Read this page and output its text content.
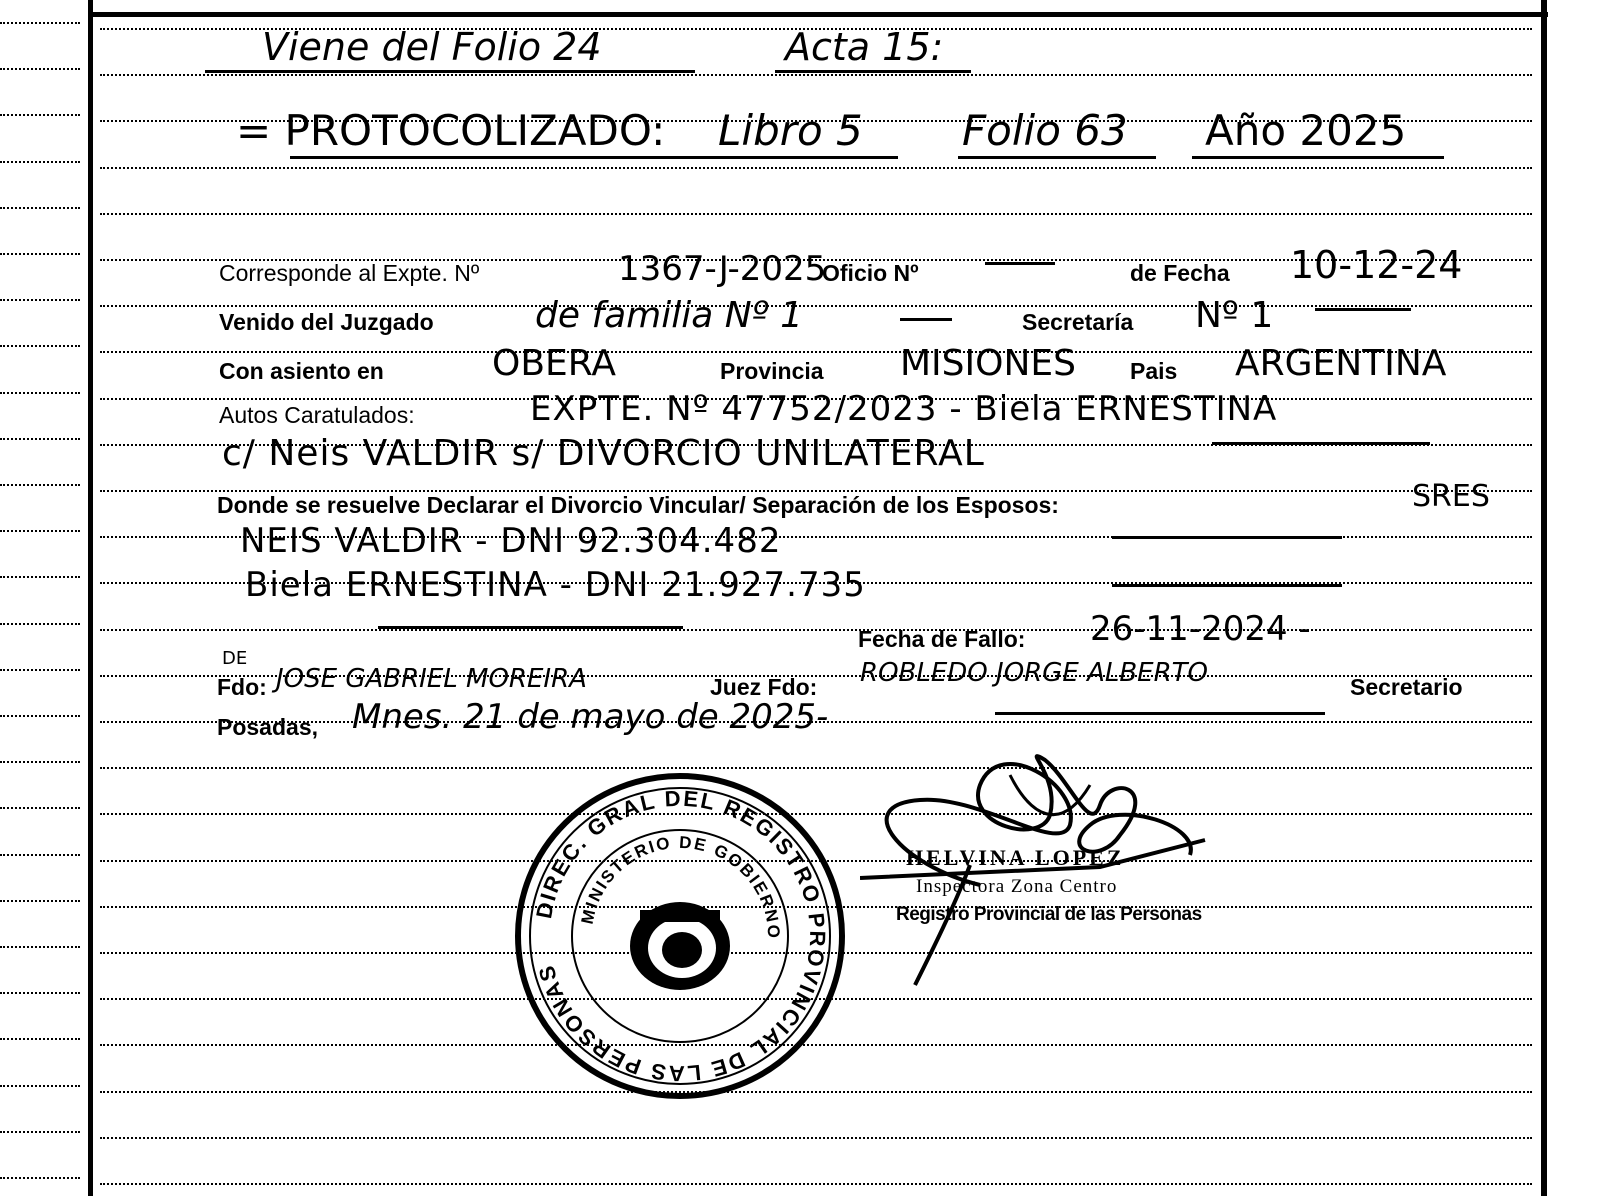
Viene del Folio 24	Acta 15:
= PROTOCOLIZADO: Libro 5 Folio 63 Año 2025
Corresponde al Expte. Nº	1367-J-2025
Oficio Nº	de Fecha 10-12-24
Venido del Juzgado	de familia Nº 1	Secretaría Nº 1
Con asiento en	OBERA	Provincia MISIONES Pais ARGENTINA
Autos Caratulados:	EXPTE. Nº 47752/2023 - Biela ERNESTINA
c/ Neis VALDIR s/ DIVORCIO UNILATERAL
Donde se resuelve Declarar el Divorcio Vincular/ Separación de los Esposos:	SRES
NEIS VALDIR - DNI 92.304.482
Biela ERNESTINA - DNI 21.927.735
Fecha de Fallo: 26-11-2024 -
DE
Fdo: JOSE GABRIEL MOREIRA	Juez Fdo: ROBLEDO JORGE ALBERTO	Secretario
Posadas, Mnes. 21 de mayo de 2025-
HELVINA LOPEZ
Inspectora Zona Centro
Registro Provincial de las Personas
DIREC. GRAL DEL REGISTRO PROVINCIAL DE LAS PERSONAS
MINISTERIO DE GOBIERNO
